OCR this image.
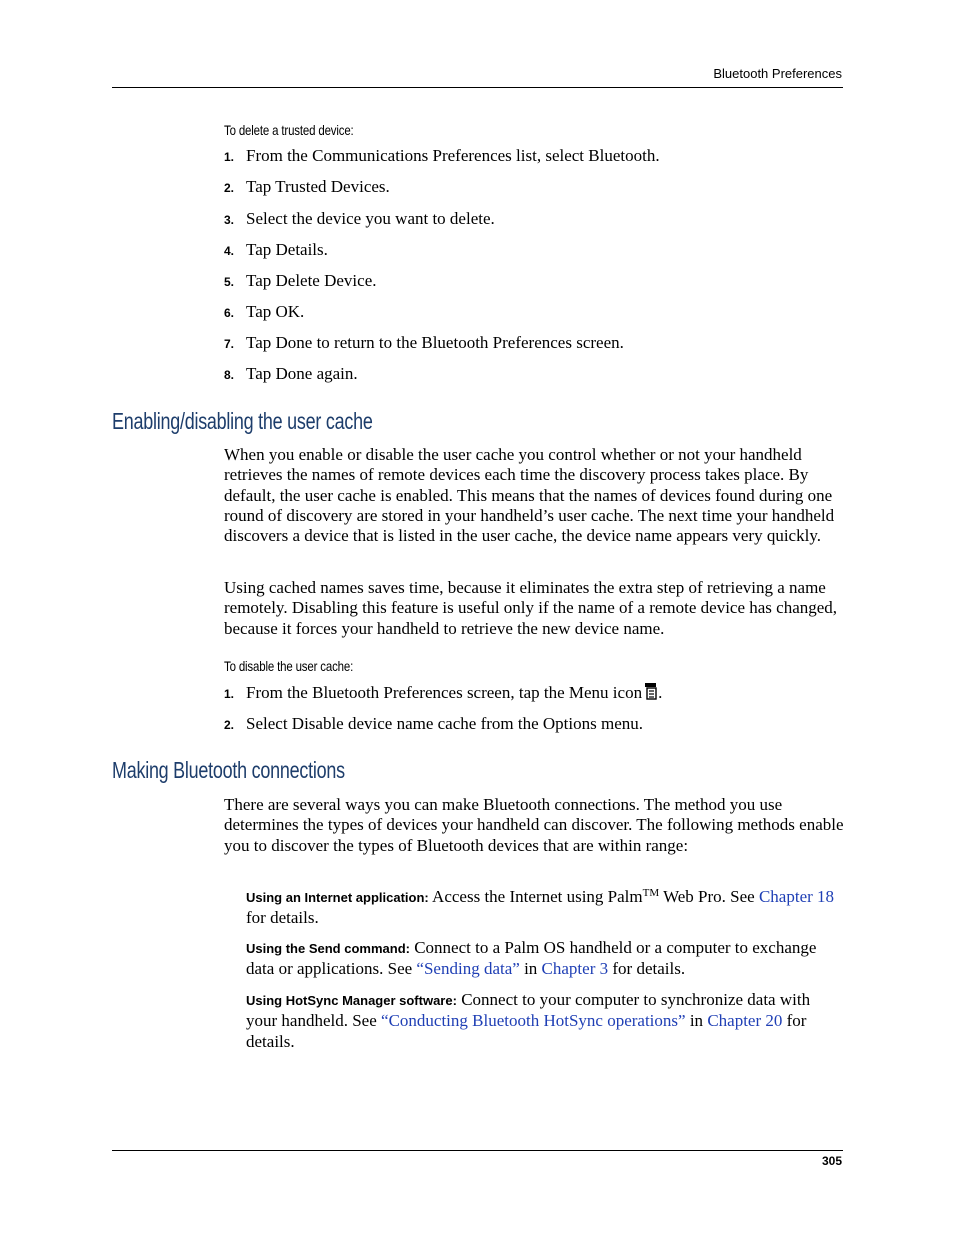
Bluetooth Preferences
To delete a trusted device:
1. From the Communications Preferences list, select Bluetooth.
2. Tap Trusted Devices.
3. Select the device you want to delete.
4. Tap Details.
5. Tap Delete Device.
6. Tap OK.
7. Tap Done to return to the Bluetooth Preferences screen.
8. Tap Done again.
Enabling/disabling the user cache
When you enable or disable the user cache you control whether or not your handheld retrieves the names of remote devices each time the discovery process takes place. By default, the user cache is enabled. This means that the names of devices found during one round of discovery are stored in your handheld’s user cache. The next time your handheld discovers a device that is listed in the user cache, the device name appears very quickly.
Using cached names saves time, because it eliminates the extra step of retrieving a name remotely. Disabling this feature is useful only if the name of a remote device has changed, because it forces your handheld to retrieve the new device name.
To disable the user cache:
1. From the Bluetooth Preferences screen, tap the Menu icon .
2. Select Disable device name cache from the Options menu.
Making Bluetooth connections
There are several ways you can make Bluetooth connections. The method you use determines the types of devices your handheld can discover. The following methods enable you to discover the types of Bluetooth devices that are within range:
Using an Internet application: Access the Internet using Palm™ Web Pro. See Chapter 18 for details.
Using the Send command: Connect to a Palm OS handheld or a computer to exchange data or applications. See “Sending data” in Chapter 3 for details.
Using HotSync Manager software: Connect to your computer to synchronize data with your handheld. See “Conducting Bluetooth HotSync operations” in Chapter 20 for details.
305
